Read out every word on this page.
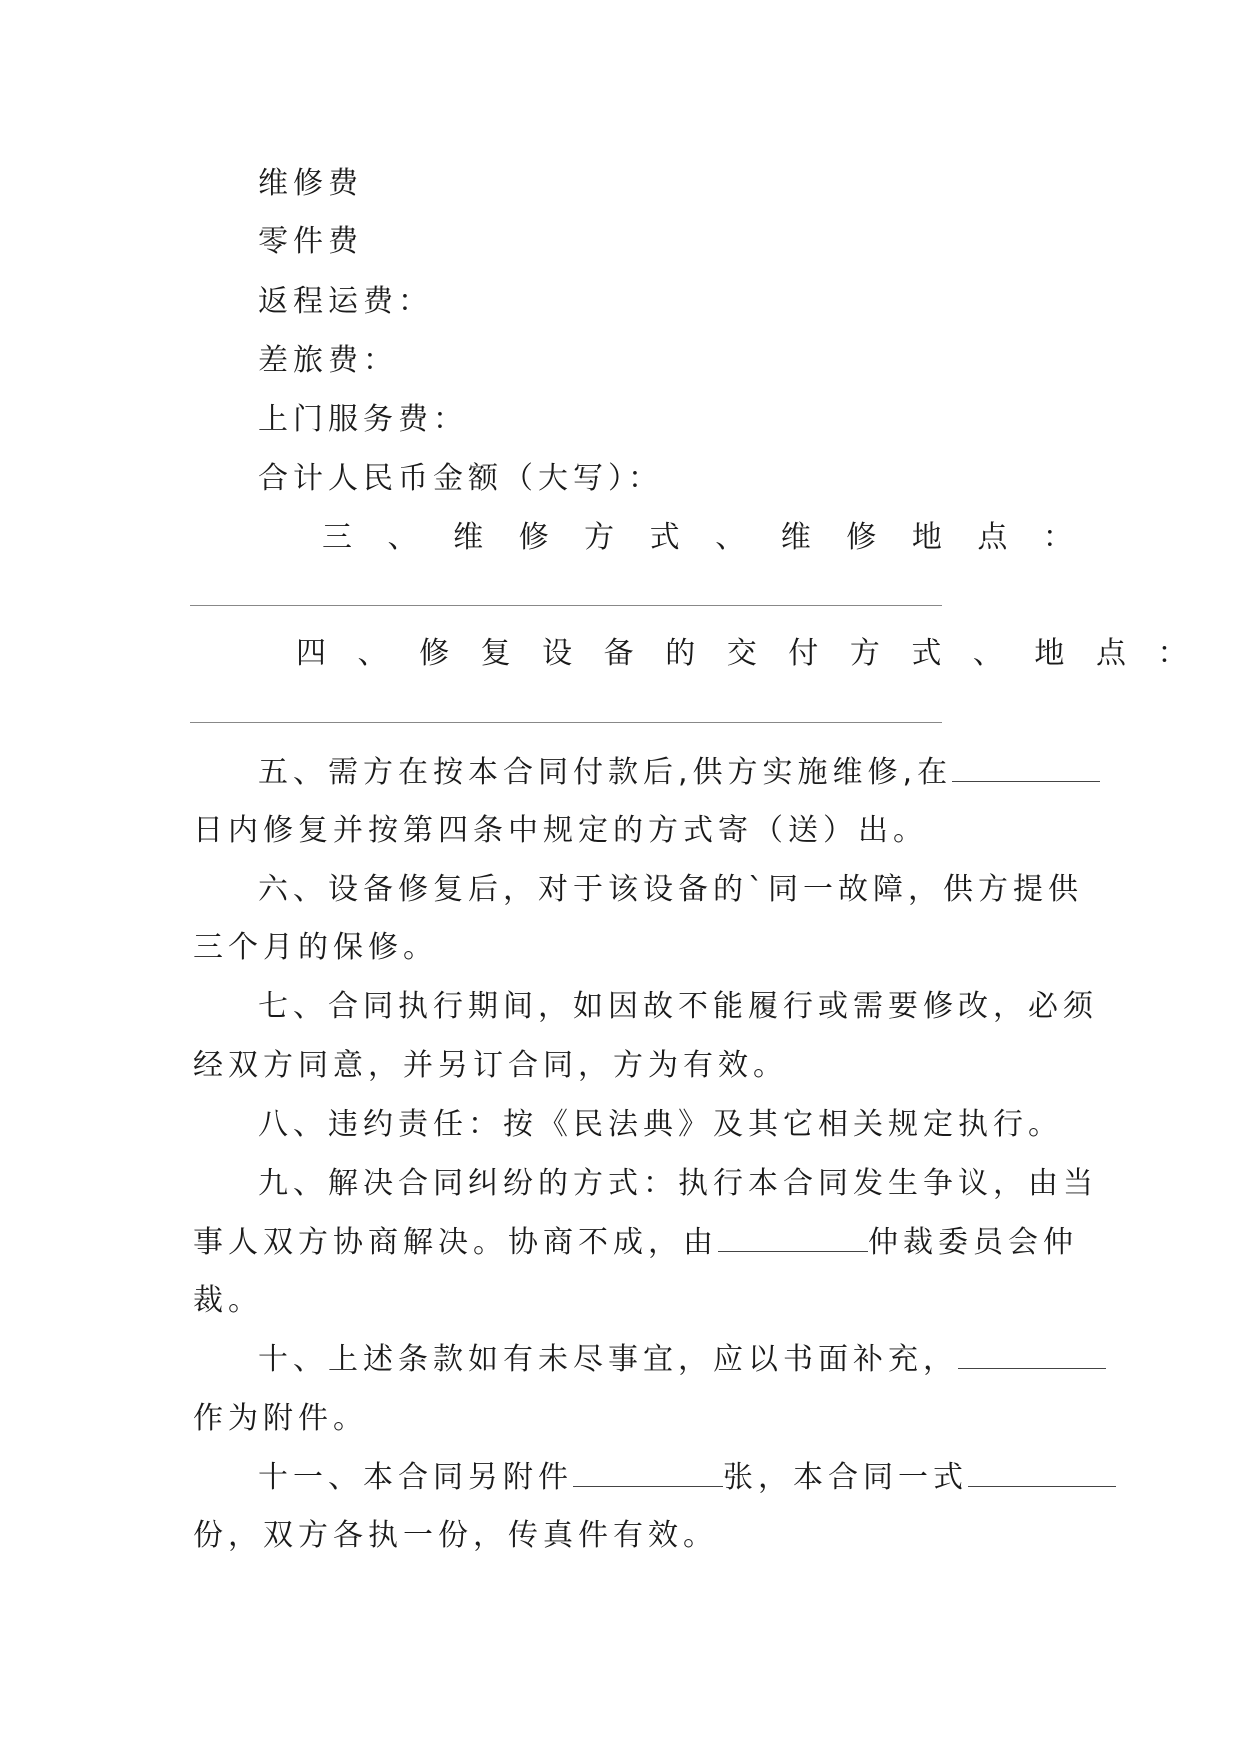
维修费

零件费

返程运费：

差旅费：

上门服务费：

合计人民币金额（大写）：

三 、 维 修 方 式 、 维 修 地 点 ：

四 、 修 复 设 备 的 交 付 方 式 、 地 点 ：

五、需方在按本合同付款后,供方实施维修,在

日内修复并按第四条中规定的方式寄（送）出。

六、设备修复后，对于该设备的`同一故障，供方提供

三个月的保修。

七、合同执行期间，如因故不能履行或需要修改，必须

经双方同意，并另订合同，方为有效。

八、违约责任：按《民法典》及其它相关规定执行。

九、解决合同纠纷的方式：执行本合同发生争议，由当

事人双方协商解决。协商不成，由	仲裁委员会仲

裁。

十、上述条款如有未尽事宜，应以书面补充，

作为附件。

十一、本合同另附件	张，本合同一式

份，双方各执一份，传真件有效。
